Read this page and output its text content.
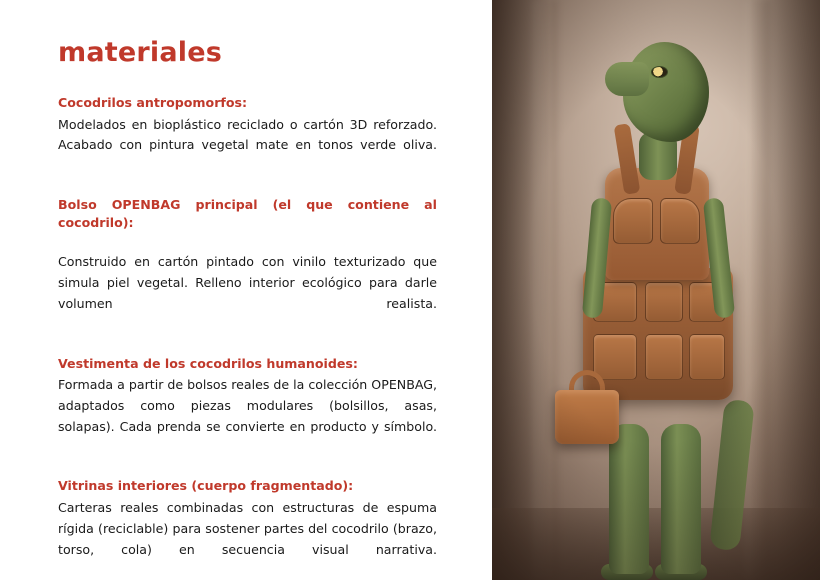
materiales

Cocodrilos antropomorfos:

Modelados en bioplástico reciclado o cartón 3D reforzado. Acabado con pintura vegetal mate en tonos verde oliva.

Bolso OPENBAG principal (el que contiene al cocodrilo):

Construido en cartón pintado con vinilo texturizado que simula piel vegetal. Relleno interior ecológico para darle volumen realista.

Vestimenta de los cocodrilos humanoides:

Formada a partir de bolsos reales de la colección OPENBAG, adaptados como piezas modulares (bolsillos, asas, solapas). Cada prenda se convierte en producto y símbolo.

Vitrinas interiores (cuerpo fragmentado):

Carteras reales combinadas con estructuras de espuma rígida (reciclable) para sostener partes del cocodrilo (brazo, torso, cola) en secuencia visual narrativa.
